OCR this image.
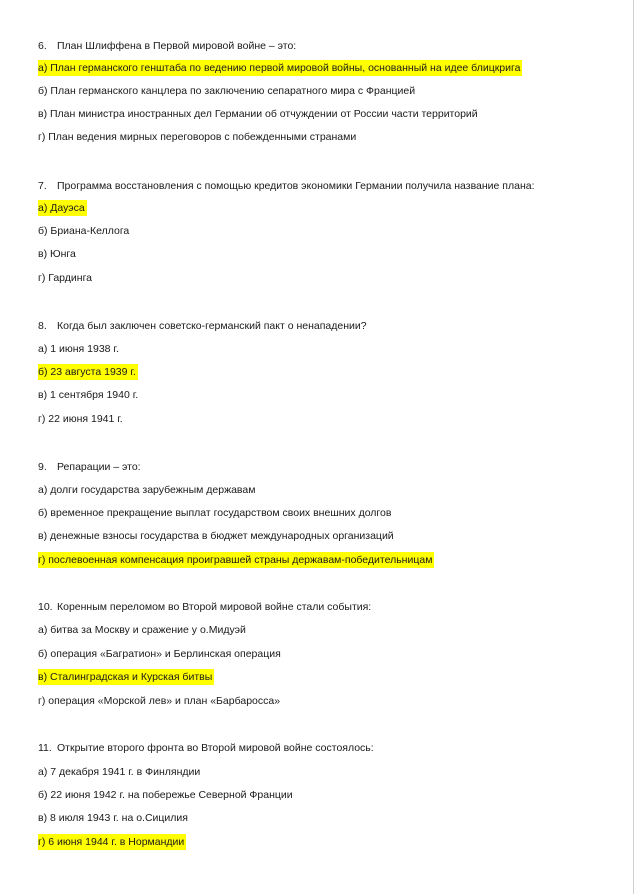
6. План Шлиффена в Первой мировой войне – это:
а) План германского генштаба по ведению первой мировой войны, основанный на идее блицкрига
б) План германского канцлера по заключению сепаратного мира с Францией
в) План министра иностранных дел Германии об отчуждении от России части территорий
г) План ведения мирных переговоров с побежденными странами
7. Программа восстановления с помощью кредитов экономики Германии получила название плана:
а) Дауэса
б) Бриана-Келлога
в) Юнга
г) Гардинга
8. Когда был заключен советско-германский пакт о ненападении?
а) 1 июня 1938 г.
б) 23 августа 1939 г.
в) 1 сентября 1940 г.
г) 22 июня 1941 г.
9. Репарации – это:
а) долги государства зарубежным державам
б) временное прекращение выплат государством своих внешних долгов
в) денежные взносы государства в бюджет международных организаций
г) послевоенная компенсация проигравшей страны державам-победительницам
10. Коренным переломом во Второй мировой войне стали события:
а) битва за Москву и сражение у о.Мидуэй
б) операция «Багратион» и Берлинская операция
в) Сталинградская и Курская битвы
г) операция «Морской лев» и план «Барбаросса»
11. Открытие второго фронта во Второй мировой войне состоялось:
а) 7 декабря 1941 г. в Финляндии
б) 22 июня 1942 г. на побережье Северной Франции
в) 8 июля 1943 г. на о.Сицилия
г) 6 июня 1944 г. в Нормандии
